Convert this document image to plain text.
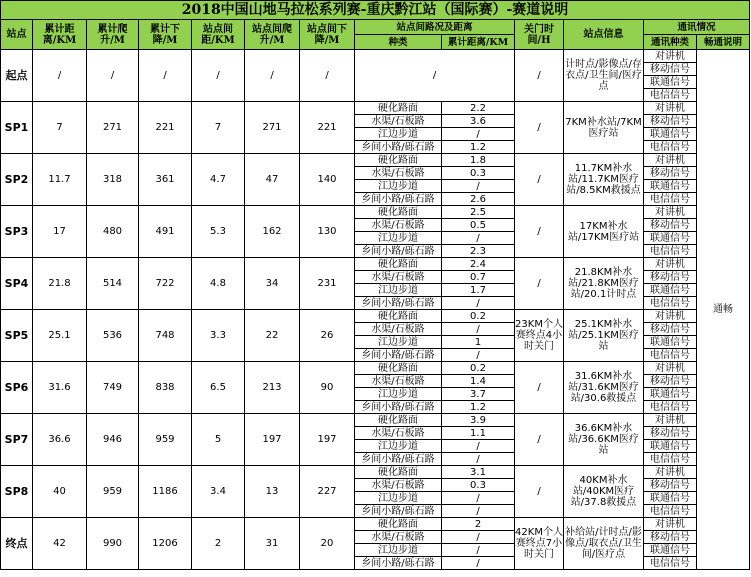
2018中国山地马拉松系列赛-重庆黔江站（国际赛）-赛道说明												
站点	累计距离/KM	累计爬升/M	累计下降/M	站点间距/KM	站点间爬升/M	站点间下降/M	站点间路况及距离		关门时间/H	站点信息	通讯情况	
							种类	累计距离/KM			通讯种类	畅通说明
起点	/	/	/	/	/	/	/		/	计时点/影像点/存衣点/卫生间/医疗点	对讲机	通畅
											移动信号	
											联通信号	
											电信信号	
SP1	7	271	221	7	271	221	硬化路面	2.2	/	7KM补水站/7KM医疗站	对讲机	
							水渠/石板路	3.6			移动信号	
							江边步道	/			联通信号	
							乡间小路/砾石路	1.2			电信信号	
SP2	11.7	318	361	4.7	47	140	硬化路面	1.8	/	11.7KM补水站/11.7KM医疗站/8.5KM救援点	对讲机	
							水渠/石板路	0.3			移动信号	
							江边步道	/			联通信号	
							乡间小路/砾石路	2.6			电信信号	
SP3	17	480	491	5.3	162	130	硬化路面	2.5	/	17KM补水站/17KM医疗站	对讲机	
							水渠/石板路	0.5			移动信号	
							江边步道	/			联通信号	
							乡间小路/砾石路	2.3			电信信号	
SP4	21.8	514	722	4.8	34	231	硬化路面	2.4	/	21.8KM补水站/21.8KM医疗站/20.1计时点	对讲机	
							水渠/石板路	0.7			移动信号	
							江边步道	1.7			联通信号	
							乡间小路/砾石路	/			电信信号	
SP5	25.1	536	748	3.3	22	26	硬化路面	0.2	23KM个人赛终点4小时关门	25.1KM补水站/25.1KM医疗站	对讲机	
							水渠/石板路	/			移动信号	
							江边步道	1			联通信号	
							乡间小路/砾石路	/			电信信号	
SP6	31.6	749	838	6.5	213	90	硬化路面	0.2	/	31.6KM补水站/31.6KM医疗站/30.6救援点	对讲机	
							水渠/石板路	1.4			移动信号	
							江边步道	3.7			联通信号	
							乡间小路/砾石路	1.2			电信信号	
SP7	36.6	946	959	5	197	197	硬化路面	3.9	/	36.6KM补水站/36.6KM医疗站	对讲机	
							水渠/石板路	1.1			移动信号	
							江边步道	/			联通信号	
							乡间小路/砾石路	/			电信信号	
SP8	40	959	1186	3.4	13	227	硬化路面	3.1	/	40KM补水站/40KM医疗站/37.8救援点	对讲机	
							水渠/石板路	0.3			移动信号	
							江边步道	/			联通信号	
							乡间小路/砾石路	/			电信信号	
终点	42	990	1206	2	31	20	硬化路面	2	42KM个人赛终点7小时关门	补给站/计时点/影像点/取衣点/卫生间/医疗点	对讲机	
							水渠/石板路	/			移动信号	
							江边步道	/			联通信号	
							乡间小路/砾石路	/			电信信号	
